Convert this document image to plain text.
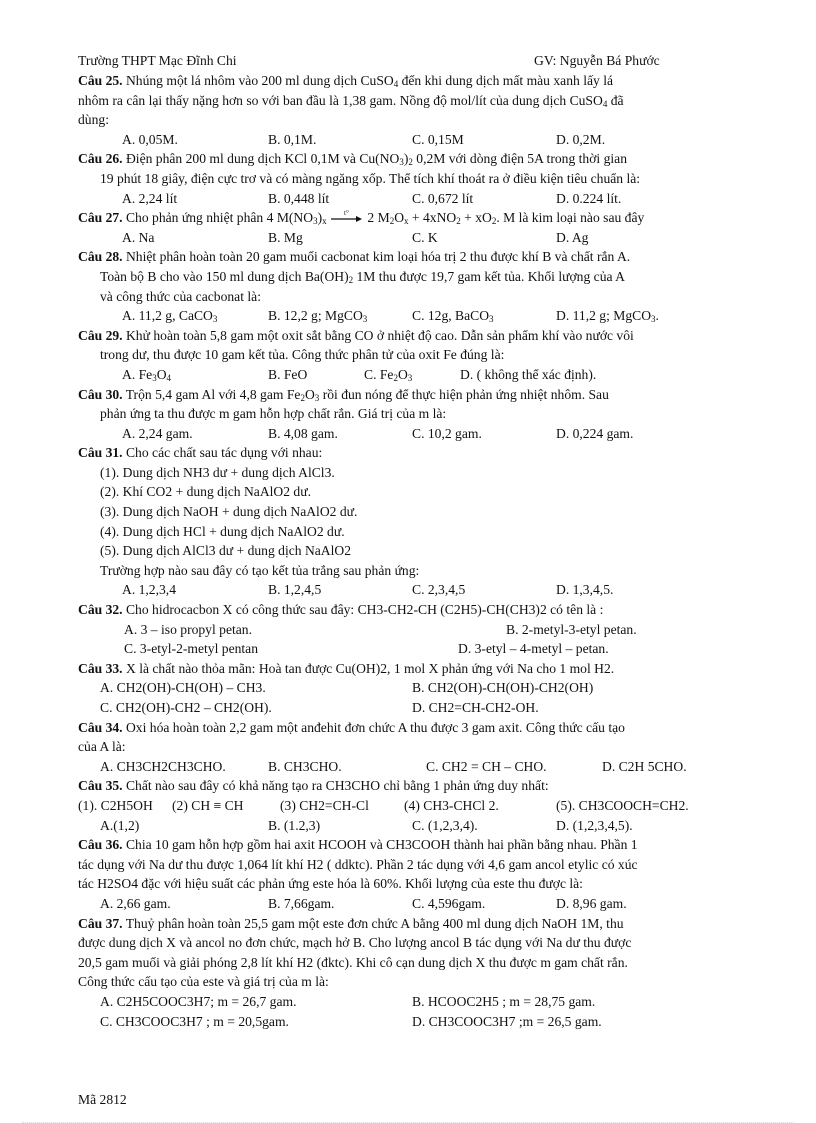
Trường THPT Mạc Đĩnh Chi	GV: Nguyễn Bá Phước
Câu 25. Nhúng một lá nhôm vào 200 ml dung dịch CuSO$_4$ đến khi dung dịch mất màu xanh lấy lá
nhôm ra cân lại thấy nặng hơn so với ban đầu là 1,38 gam. Nồng độ mol/lít của dung dịch CuSO$_4$ đã
dùng:
A. 0,05M.	B. 0,1M.	C. 0,15M	D. 0,2M.
Câu 26. Điện phân 200 ml dung dịch KCl 0,1M và $Cu(NO_3)_2$ 0,2M với dòng điện 5A trong thời gian
19 phút 18 giây, điện cực trơ và có màng ngăng xốp. Thể tích khí thoát ra ở điều kiện tiêu chuẩn là:
A. 2,24 lít	B. 0,448 lít	C. 0,672 lít	D. 0.224 lít.
Câu 27. Cho phản ứng nhiệt phân 4 $M(NO_3)_x$
t° 2 $M_2O_x + 4xNO_2 + xO_2$. M là kim loại nào sau đây
A. Na	B. Mg	C. K	D. Ag
Câu 28. Nhiệt phân hoàn toàn 20 gam muối cacbonat kim loại hóa trị 2 thu được khí B và chất rắn A.
Toàn bộ B cho vào 150 ml dung dịch $Ba(OH)_2$ 1M thu được 19,7 gam kết tủa. Khối lượng của A
và công thức của cacbonat là:
A. 11,2 g, CaCO$_3$	B. 12,2 g; MgCO$_3$	C. 12g, BaCO$_3$	D. 11,2 g; MgCO$_3$.
Câu 29. Khử hoàn toàn 5,8 gam một oxit sắt bằng CO ở nhiệt độ cao. Dẫn sản phẩm khí vào nước vôi
trong dư, thu được 10 gam kết tủa. Công thức phân tử của oxit Fe đúng là:
A. $Fe_3O_4$	B. FeO	C. $Fe_2O_3$	D. ( không thể xác định).
Câu 30. Trộn 5,4 gam Al với 4,8 gam $Fe_2O_3$ rồi đun nóng để thực hiện phản ứng nhiệt nhôm. Sau
phản ứng ta thu được m gam hỗn hợp chất rắn. Giá trị của m là:
A. 2,24 gam.	B. 4,08 gam.	C. 10,2 gam.	D. 0,224 gam.
Câu 31. Cho các chất sau tác dụng với nhau:
(1). Dung dịch NH3 dư + dung dịch AlCl3.
(2). Khí CO2 + dung dịch NaAlO2 dư.
(3). Dung dịch NaOH + dung dịch NaAlO2 dư.
(4). Dung dịch HCl + dung dịch NaAlO2 dư.
(5). Dung dịch AlCl3 dư + dung dịch NaAlO2
Trường hợp nào sau đây có tạo kết tủa trắng sau phản ứng:
A. 1,2,3,4	B. 1,2,4,5	C. 2,3,4,5	D. 1,3,4,5.
Câu 32. Cho hidrocacbon X có công thức sau đây: CH3-CH2-CH (C2H5)-CH(CH3)2 có tên là :
A. 3 – iso propyl petan.	B. 2-metyl-3-etyl petan.
C. 3-etyl-2-metyl pentan	D. 3-etyl – 4-metyl – petan.
Câu 33. X là chất nào thỏa mãn: Hoà tan được Cu(OH)2, 1 mol X phản ứng với Na cho 1 mol H2.
A. CH2(OH)-CH(OH) – CH3.	B. CH2(OH)-CH(OH)-CH2(OH)
C. CH2(OH)-CH2 – CH2(OH).	D. CH2=CH-CH2-OH.
Câu 34. Oxi hóa hoàn toàn 2,2 gam một anđehit đơn chức A thu được 3 gam axit. Công thức cấu tạo
của A là:
A. CH3CH2CH3CHO.	B. CH3CHO.	C. CH2 = CH – CHO.	D. C2H 5CHO.
Câu 35. Chất nào sau đây có khả năng tạo ra CH3CHO chỉ bằng 1 phản ứng duy nhất:
(1). C2H5OH (2) CH ≡ CH	(3) CH2=CH-Cl	(4) CH3-CHCl 2.	(5). CH3COOCH=CH2.
A.(1,2)	B. (1.2,3)	C. (1,2,3,4).	D. (1,2,3,4,5).
Câu 36. Chia 10 gam hỗn hợp gồm hai axit HCOOH và CH3COOH thành hai phần bằng nhau. Phần 1
tác dụng với Na dư thu được 1,064 lít khí H2 ( ddktc). Phần 2 tác dụng với 4,6 gam ancol etylic có xúc
tác H2SO4 đặc với hiệu suất các phản ứng este hóa là 60%. Khối lượng của este thu được là:
A. 2,66 gam.	B. 7,66gam.	C. 4,596gam.	D. 8,96 gam.
Câu 37. Thuỷ phân hoàn toàn 25,5 gam một este đơn chức A bằng 400 ml dung dịch NaOH 1M, thu
được dung dịch X và ancol no đơn chức, mạch hở B. Cho lượng ancol B tác dụng với Na dư thu được
20,5 gam muối và giải phóng 2,8 lít khí H2 (đktc). Khi cô cạn dung dịch X thu được m gam chất rắn.
Công thức cấu tạo của este và giá trị của m là:
A. C2H5COOC3H7; m = 26,7 gam.	B. HCOOC2H5 ; m = 28,75 gam.
C. CH3COOC3H7 ; m = 20,5gam.	D. CH3COOC3H7 ;m = 26,5 gam.
Mã 2812
